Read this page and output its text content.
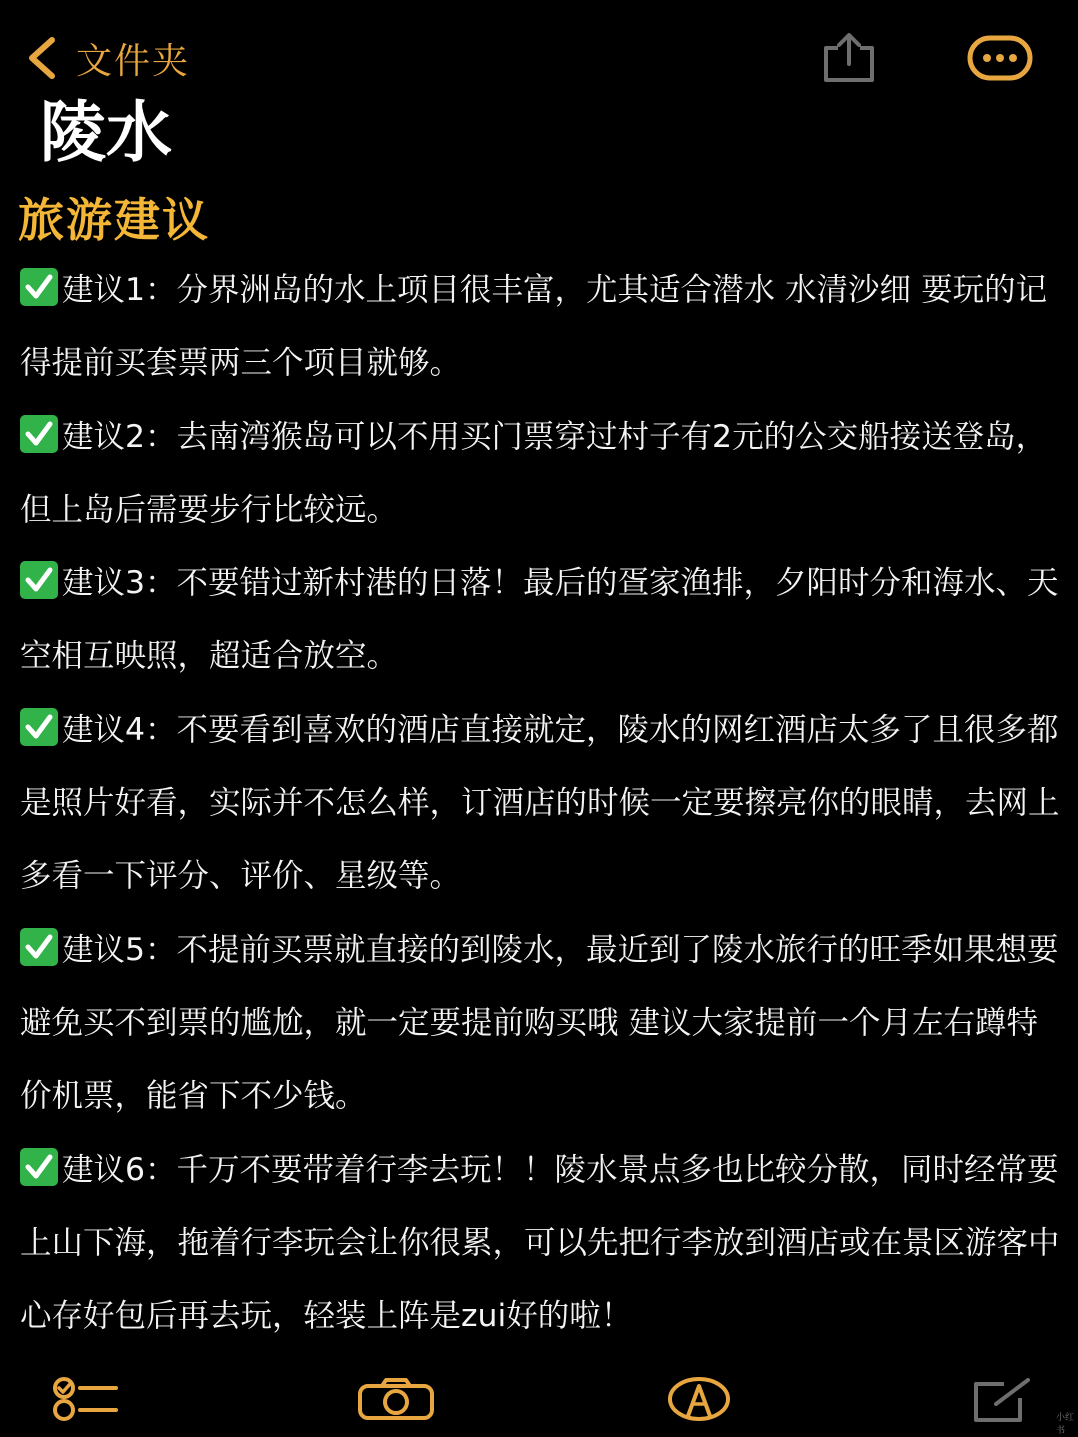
文件夹
陵水
旅游建议

建议1：分界洲岛的水上项目很丰富，尤其适合潜水 水清沙细 要玩的记得提前买套票两三个项目就够。

建议2：去南湾猴岛可以不用买门票穿过村子有2元的公交船接送登岛，但上岛后需要步行比较远。

建议3：不要错过新村港的日落！最后的疍家渔排，夕阳时分和海水、天空相互映照，超适合放空。

建议4：不要看到喜欢的酒店直接就定，陵水的网红酒店太多了且很多都是照片好看，实际并不怎么样，订酒店的时候一定要擦亮你的眼睛，去网上多看一下评分、评价、星级等。

建议5：不提前买票就直接的到陵水，最近到了陵水旅行的旺季如果想要避免买不到票的尴尬，就一定要提前购买哦 建议大家提前一个月左右蹲特价机票，能省下不少钱。

建议6：千万不要带着行李去玩！！陵水景点多也比较分散，同时经常要上山下海，拖着行李玩会让你很累，可以先把行李放到酒店或在景区游客中心存好包后再去玩，轻装上阵是zui好的啦！

小红书
